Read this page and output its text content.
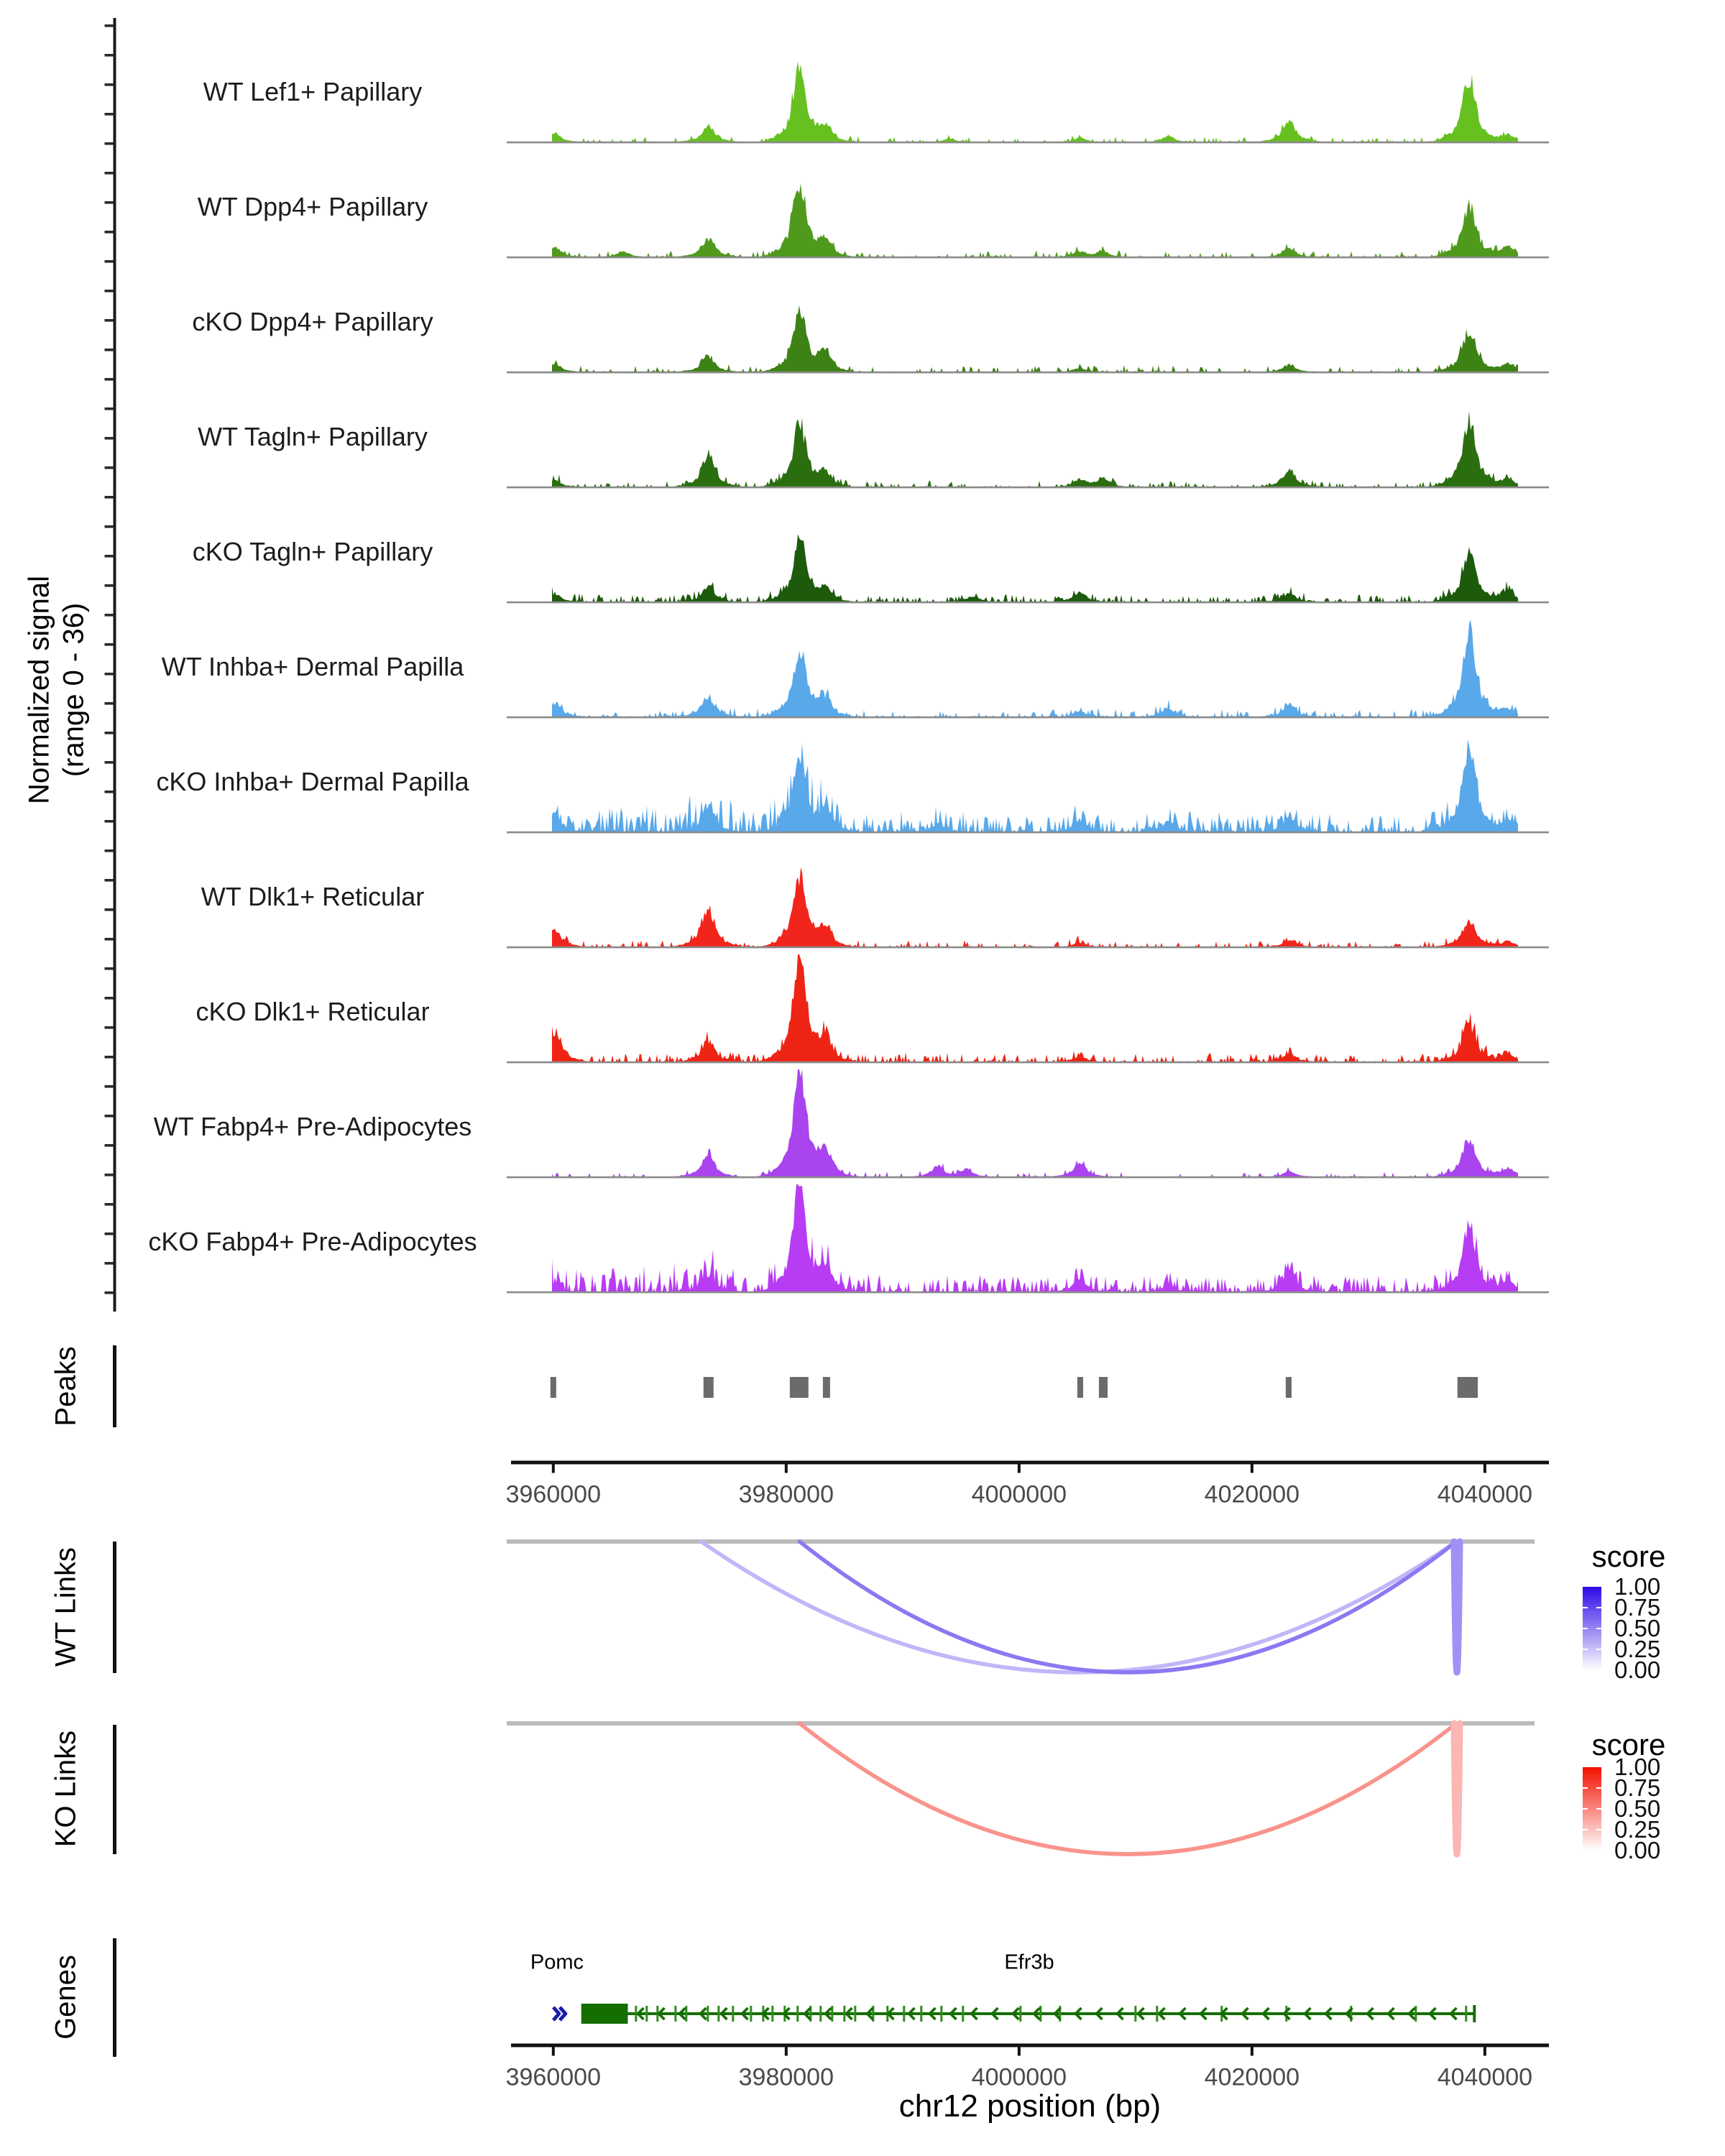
Normalized signal (range 0 - 36)
Peaks
WT Links
KO Links
Genes
score
score
Pomc	Efr3b
chr12 position (bp)
WT Lef1+ Papillary
WT Dpp4+ Papillary
cKO Dpp4+ Papillary
WT Tagln+ Papillary
cKO Tagln+ Papillary
WT Inhba+ Dermal Papilla
cKO Inhba+ Dermal Papilla
WT Dlk1+ Reticular
cKO Dlk1+ Reticular
WT Fabp4+ Pre-Adipocytes
cKO Fabp4+ Pre-Adipocytes
3960000	3980000	4000000	4020000	4040000
3960000	3980000	4000000	4020000	4040000
1.00
0.75
0.50
0.25
0.00
1.00
0.75
0.50
0.25
0.00
